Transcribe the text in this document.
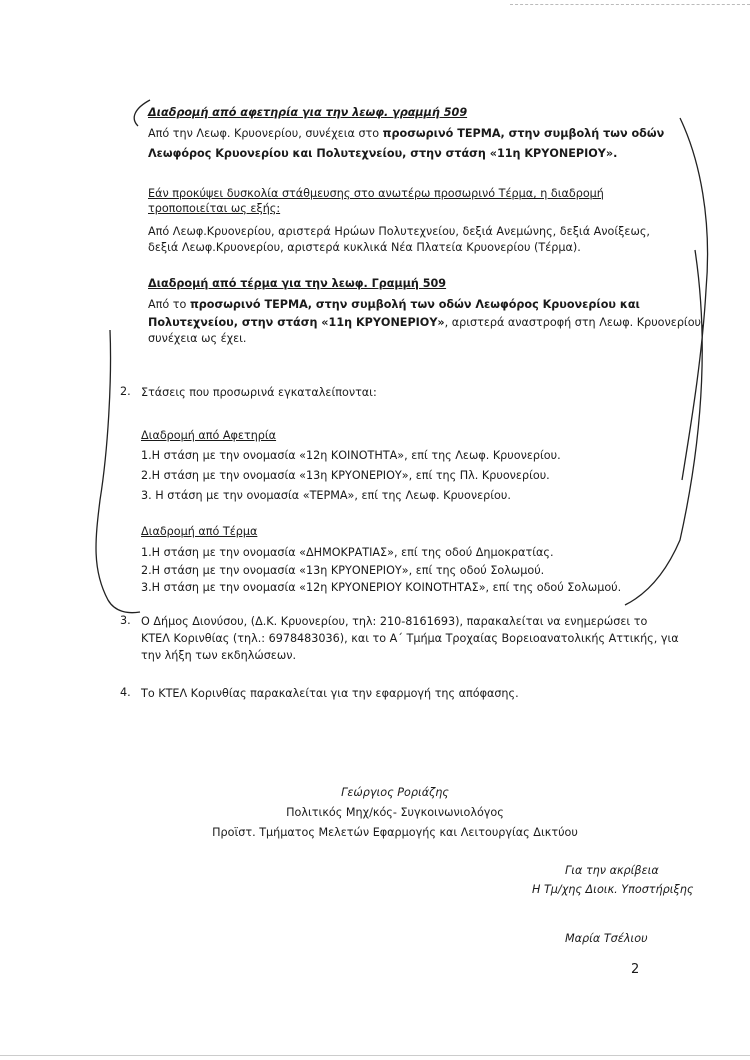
Διαδρομή από αφετηρία για την λεωφ. γραμμή 509
Από την Λεωφ. Κρυονερίου, συνέχεια στο προσωρινό ΤΕΡΜΑ, στην συμβολή των οδών
Λεωφόρος Κρυονερίου και Πολυτεχνείου, στην στάση «11η ΚΡΥΟΝΕΡΙΟΥ».
Εάν προκύψει δυσκολία στάθμευσης στο ανωτέρω προσωρινό Τέρμα, η διαδρομή
τροποποιείται ως εξής:
Από Λεωφ.Κρυονερίου, αριστερά Ηρώων Πολυτεχνείου, δεξιά Ανεμώνης, δεξιά Ανοίξεως,
δεξιά Λεωφ.Κρυονερίου, αριστερά κυκλικά Νέα Πλατεία Κρυονερίου (Τέρμα).
Διαδρομή από τέρμα για την λεωφ. Γραμμή 509
Από το προσωρινό ΤΕΡΜΑ, στην συμβολή των οδών Λεωφόρος Κρυονερίου και
Πολυτεχνείου, στην στάση «11η ΚΡΥΟΝΕΡΙΟΥ», αριστερά αναστροφή στη Λεωφ. Κρυονερίου,
συνέχεια ως έχει.
2. Στάσεις που προσωρινά εγκαταλείπονται:
Διαδρομή από Αφετηρία
1.Η στάση με την ονομασία «12η ΚΟΙΝΟΤΗΤΑ», επί της Λεωφ. Κρυονερίου.
2.Η στάση με την ονομασία «13η ΚΡΥΟΝΕΡΙΟΥ», επί της Πλ. Κρυονερίου.
3. Η στάση με την ονομασία «ΤΕΡΜΑ», επί της Λεωφ. Κρυονερίου.
Διαδρομή από Τέρμα
1.Η στάση με την ονομασία «ΔΗΜΟΚΡΑΤΙΑΣ», επί της οδού Δημοκρατίας.
2.Η στάση με την ονομασία «13η ΚΡΥΟΝΕΡΙΟΥ», επί της οδού Σολωμού.
3.Η στάση με την ονομασία «12η ΚΡΥΟΝΕΡΙΟΥ ΚΟΙΝΟΤΗΤΑΣ», επί της οδού Σολωμού.
3. Ο Δήμος Διονύσου, (Δ.Κ. Κρυονερίου, τηλ: 210-8161693), παρακαλείται να ενημερώσει το
ΚΤΕΛ Κορινθίας (τηλ.: 6978483036), και το Α΄ Τμήμα Τροχαίας Βορειοανατολικής Αττικής, για
την λήξη των εκδηλώσεων.
4. Το ΚΤΕΛ Κορινθίας παρακαλείται για την εφαρμογή της απόφασης.
Γεώργιος Poριάζης
Πολιτικός Μηχ/κός- Συγκοινωνιολόγος
Προϊστ. Τμήματος Μελετών Εφαρμογής και Λειτουργίας Δικτύου
Για την ακρίβεια
Η Τμ/χης Διοικ. Υποστήριξης
Μαρία Τσέλιου
2
